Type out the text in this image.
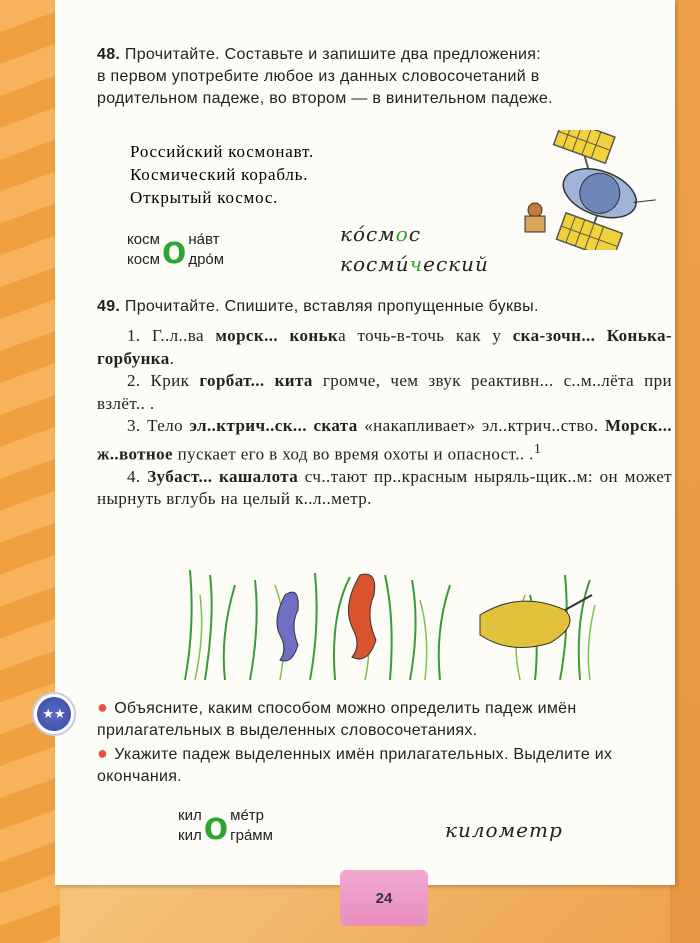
48. Прочитайте. Составьте и запишите два предложения:
в первом употребите любое из данных словосочетаний в
родительном падеже, во втором — в винительном падеже.
Российский космонавт.
Космический корабль.
Открытый космос.
косм
косм о на́вт
дро́м
ко́смос
косми́ческий
49. Прочитайте. Спишите, вставляя пропущенные буквы.

1. Г..л..ва морск... конька точь-в-точь как у ска-зочн... Конька-горбунка.

2. Крик горбат... кита громче, чем звук реактивн... с..м..лёта при взлёт.. .

3. Тело эл..ктрич..ск... ската «накапливает» эл..ктрич..ство. Морск... ж..вотное пускает его в ход во время охоты и опасност.. .$^1$

4. Зубаст... кашалота сч..тают пр..красным ныряль-щик..м: он может нырнуть вглубь на целый к..л..метр.

★★ ● Объясните, каким способом можно определить падеж имён прилагательных в выделенных словосочетаниях.

● Укажите падеж выделенных имён прилагательных. Выделите их окончания.

кил
кил о ме́тр
гра́мм	километр
24
